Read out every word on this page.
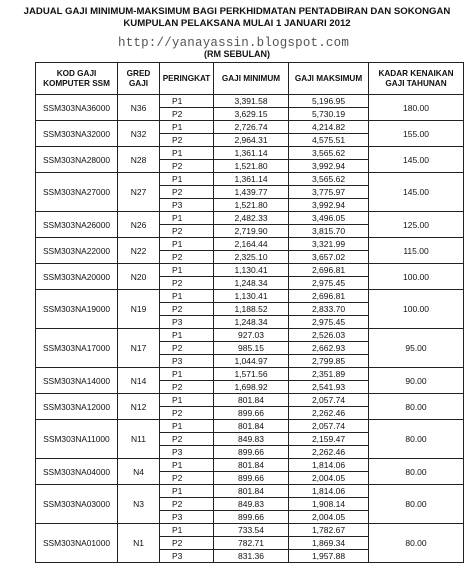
JADUAL GAJI MINIMUM-MAKSIMUM BAGI PERKHIDMATAN PENTADBIRAN DAN SOKONGAN
KUMPULAN PELAKSANA MULAI 1 JANUARI 2012
http://yanayassin.blogspot.com
(RM SEBULAN)
KOD GAJI KOMPUTER SSM	GRED GAJI	PERINGKAT	GAJI MINIMUM	GAJI MAKSIMUM	KADAR KENAIKAN GAJI TAHUNAN
SSM303NA36000	N36	P1	3,391.58	5,196.95	180.00
		P2	3,629.15	5,730.19	
SSM303NA32000	N32	P1	2,726.74	4,214.82	155.00
		P2	2,964.31	4,575.51	
SSM303NA28000	N28	P1	1,361.14	3,565.62	145.00
		P2	1,521.80	3,992.94	
SSM303NA27000	N27	P1	1,361.14	3,565.62	145.00
		P2	1,439.77	3,775.97	
		P3	1,521.80	3,992.94	
SSM303NA26000	N26	P1	2,482.33	3,496.05	125.00
		P2	2,719.90	3,815.70	
SSM303NA22000	N22	P1	2,164.44	3,321.99	115.00
		P2	2,325.10	3,657.02	
SSM303NA20000	N20	P1	1,130.41	2,696.81	100.00
		P2	1,248.34	2,975.45	
SSM303NA19000	N19	P1	1,130.41	2,696.81	100.00
		P2	1,188.52	2,833.70	
		P3	1,248.34	2,975.45	
SSM303NA17000	N17	P1	927.03	2,526.03	95.00
		P2	985.15	2,662.93	
		P3	1,044.97	2,799.85	
SSM303NA14000	N14	P1	1,571.56	2,351.89	90.00
		P2	1,698.92	2,541.93	
SSM303NA12000	N12	P1	801.84	2,057.74	80.00
		P2	899.66	2,262.46	
SSM303NA11000	N11	P1	801.84	2,057.74	80.00
		P2	849.83	2,159.47	
		P3	899.66	2,262.46	
SSM303NA04000	N4	P1	801.84	1,814.06	80.00
		P2	899.66	2,004.05	
SSM303NA03000	N3	P1	801.84	1,814.06	80.00
		P2	849.83	1,908.14	
		P3	899.66	2,004.05	
SSM303NA01000	N1	P1	733.54	1,782.67	80.00
		P2	782.71	1,869.34	
		P3	831.36	1,957.88	
